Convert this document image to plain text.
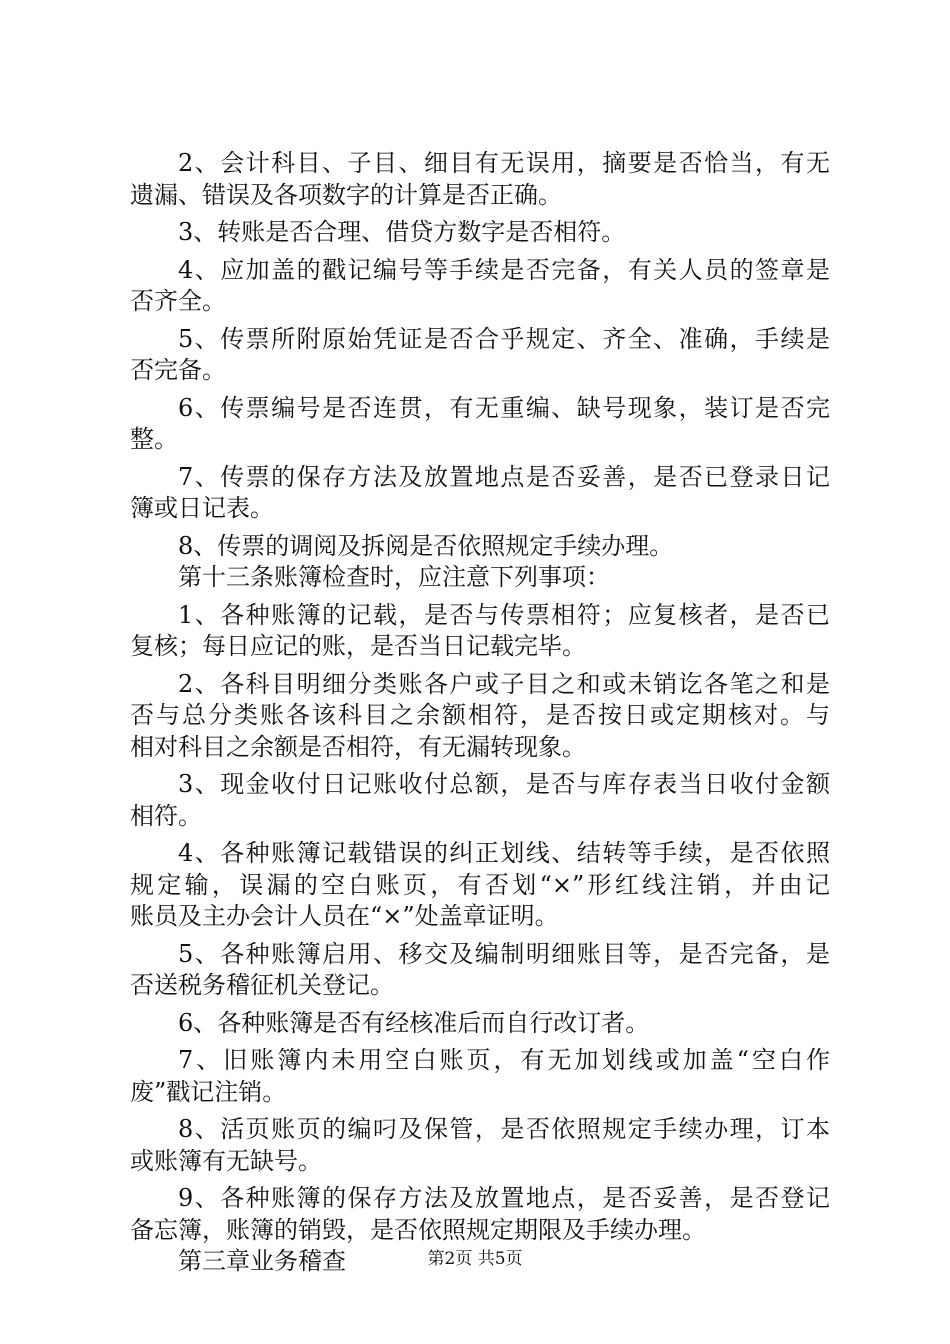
2、会计科目、子目、细目有无误用，摘要是否恰当，有无
遗漏、错误及各项数字的计算是否正确。
3、转账是否合理、借贷方数字是否相符。
4、应加盖的戳记编号等手续是否完备，有关人员的签章是
否齐全。
5、传票所附原始凭证是否合乎规定、齐全、准确，手续是
否完备。
6、传票编号是否连贯，有无重编、缺号现象，装订是否完
整。
7、传票的保存方法及放置地点是否妥善，是否已登录日记
簿或日记表。
8、传票的调阅及拆阅是否依照规定手续办理。
第十三条账簿检查时，应注意下列事项：
1、各种账簿的记载，是否与传票相符；应复核者，是否已
复核；每日应记的账，是否当日记载完毕。
2、各科目明细分类账各户或子目之和或未销讫各笔之和是
否与总分类账各该科目之余额相符，是否按日或定期核对。与
相对科目之余额是否相符，有无漏转现象。
3、现金收付日记账收付总额，是否与库存表当日收付金额
相符。
4、各种账簿记载错误的纠正划线、结转等手续，是否依照
规定输，误漏的空白账页，有否划“×”形红线注销，并由记
账员及主办会计人员在“×”处盖章证明。
5、各种账簿启用、移交及编制明细账目等，是否完备，是
否送税务稽征机关登记。
6、各种账簿是否有经核准后而自行改订者。
7、旧账簿内未用空白账页，有无加划线或加盖“空白作
废”戳记注销。
8、活页账页的编叼及保管，是否依照规定手续办理，订本
或账簿有无缺号。
9、各种账簿的保存方法及放置地点，是否妥善，是否登记
备忘簿，账簿的销毁，是否依照规定期限及手续办理。
第三章业务稽查	第2页 共5页
